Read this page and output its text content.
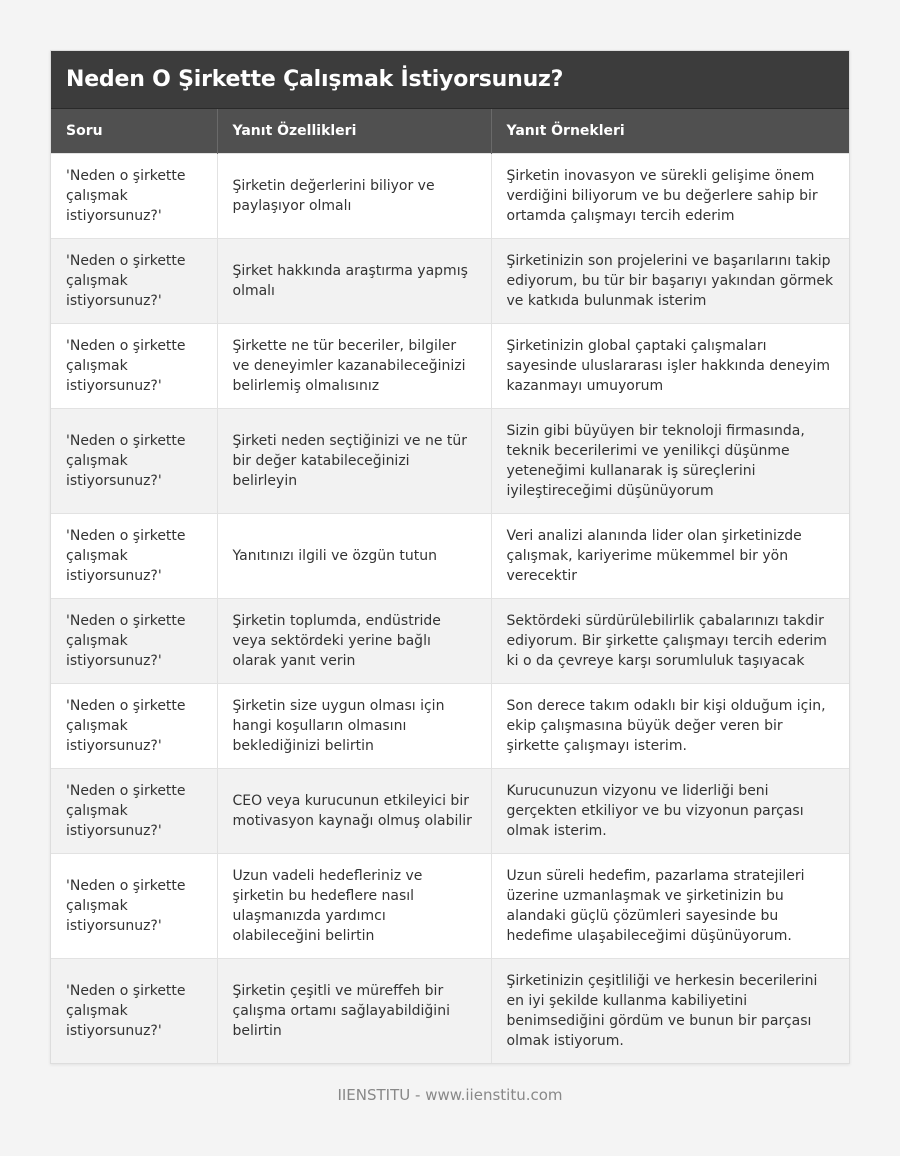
Neden O Şirkette Çalışmak İstiyorsunuz?
Soru	Yanıt Özellikleri	Yanıt Örnekleri
'Neden o şirkette çalışmak istiyorsunuz?'	Şirketin değerlerini biliyor ve paylaşıyor olmalı	Şirketin inovasyon ve sürekli gelişime önem verdiğini biliyorum ve bu değerlere sahip bir ortamda çalışmayı tercih ederim
'Neden o şirkette çalışmak istiyorsunuz?'	Şirket hakkında araştırma yapmış olmalı	Şirketinizin son projelerini ve başarılarını takip ediyorum, bu tür bir başarıyı yakından görmek ve katkıda bulunmak isterim
'Neden o şirkette çalışmak istiyorsunuz?'	Şirkette ne tür beceriler, bilgiler ve deneyimler kazanabileceğinizi belirlemiş olmalısınız	Şirketinizin global çaptaki çalışmaları sayesinde uluslararası işler hakkında deneyim kazanmayı umuyorum
'Neden o şirkette çalışmak istiyorsunuz?'	Şirketi neden seçtiğinizi ve ne tür bir değer katabileceğinizi belirleyin	Sizin gibi büyüyen bir teknoloji firmasında, teknik becerilerimi ve yenilikçi düşünme yeteneğimi kullanarak iş süreçlerini iyileştireceğimi düşünüyorum
'Neden o şirkette çalışmak istiyorsunuz?'	Yanıtınızı ilgili ve özgün tutun	Veri analizi alanında lider olan şirketinizde çalışmak, kariyerime mükemmel bir yön verecektir
'Neden o şirkette çalışmak istiyorsunuz?'	Şirketin toplumda, endüstride veya sektördeki yerine bağlı olarak yanıt verin	Sektördeki sürdürülebilirlik çabalarınızı takdir ediyorum. Bir şirkette çalışmayı tercih ederim ki o da çevreye karşı sorumluluk taşıyacak
'Neden o şirkette çalışmak istiyorsunuz?'	Şirketin size uygun olması için hangi koşulların olmasını beklediğinizi belirtin	Son derece takım odaklı bir kişi olduğum için, ekip çalışmasına büyük değer veren bir şirkette çalışmayı isterim.
'Neden o şirkette çalışmak istiyorsunuz?'	CEO veya kurucunun etkileyici bir motivasyon kaynağı olmuş olabilir	Kurucunuzun vizyonu ve liderliği beni gerçekten etkiliyor ve bu vizyonun parçası olmak isterim.
'Neden o şirkette çalışmak istiyorsunuz?'	Uzun vadeli hedefleriniz ve şirketin bu hedeflere nasıl ulaşmanızda yardımcı olabileceğini belirtin	Uzun süreli hedefim, pazarlama stratejileri üzerine uzmanlaşmak ve şirketinizin bu alandaki güçlü çözümleri sayesinde bu hedefime ulaşabileceğimi düşünüyorum.
'Neden o şirkette çalışmak istiyorsunuz?'	Şirketin çeşitli ve müreffeh bir çalışma ortamı sağlayabildiğini belirtin	Şirketinizin çeşitliliği ve herkesin becerilerini en iyi şekilde kullanma kabiliyetini benimsediğini gördüm ve bunun bir parçası olmak istiyorum.
IIENSTITU - www.iienstitu.com
